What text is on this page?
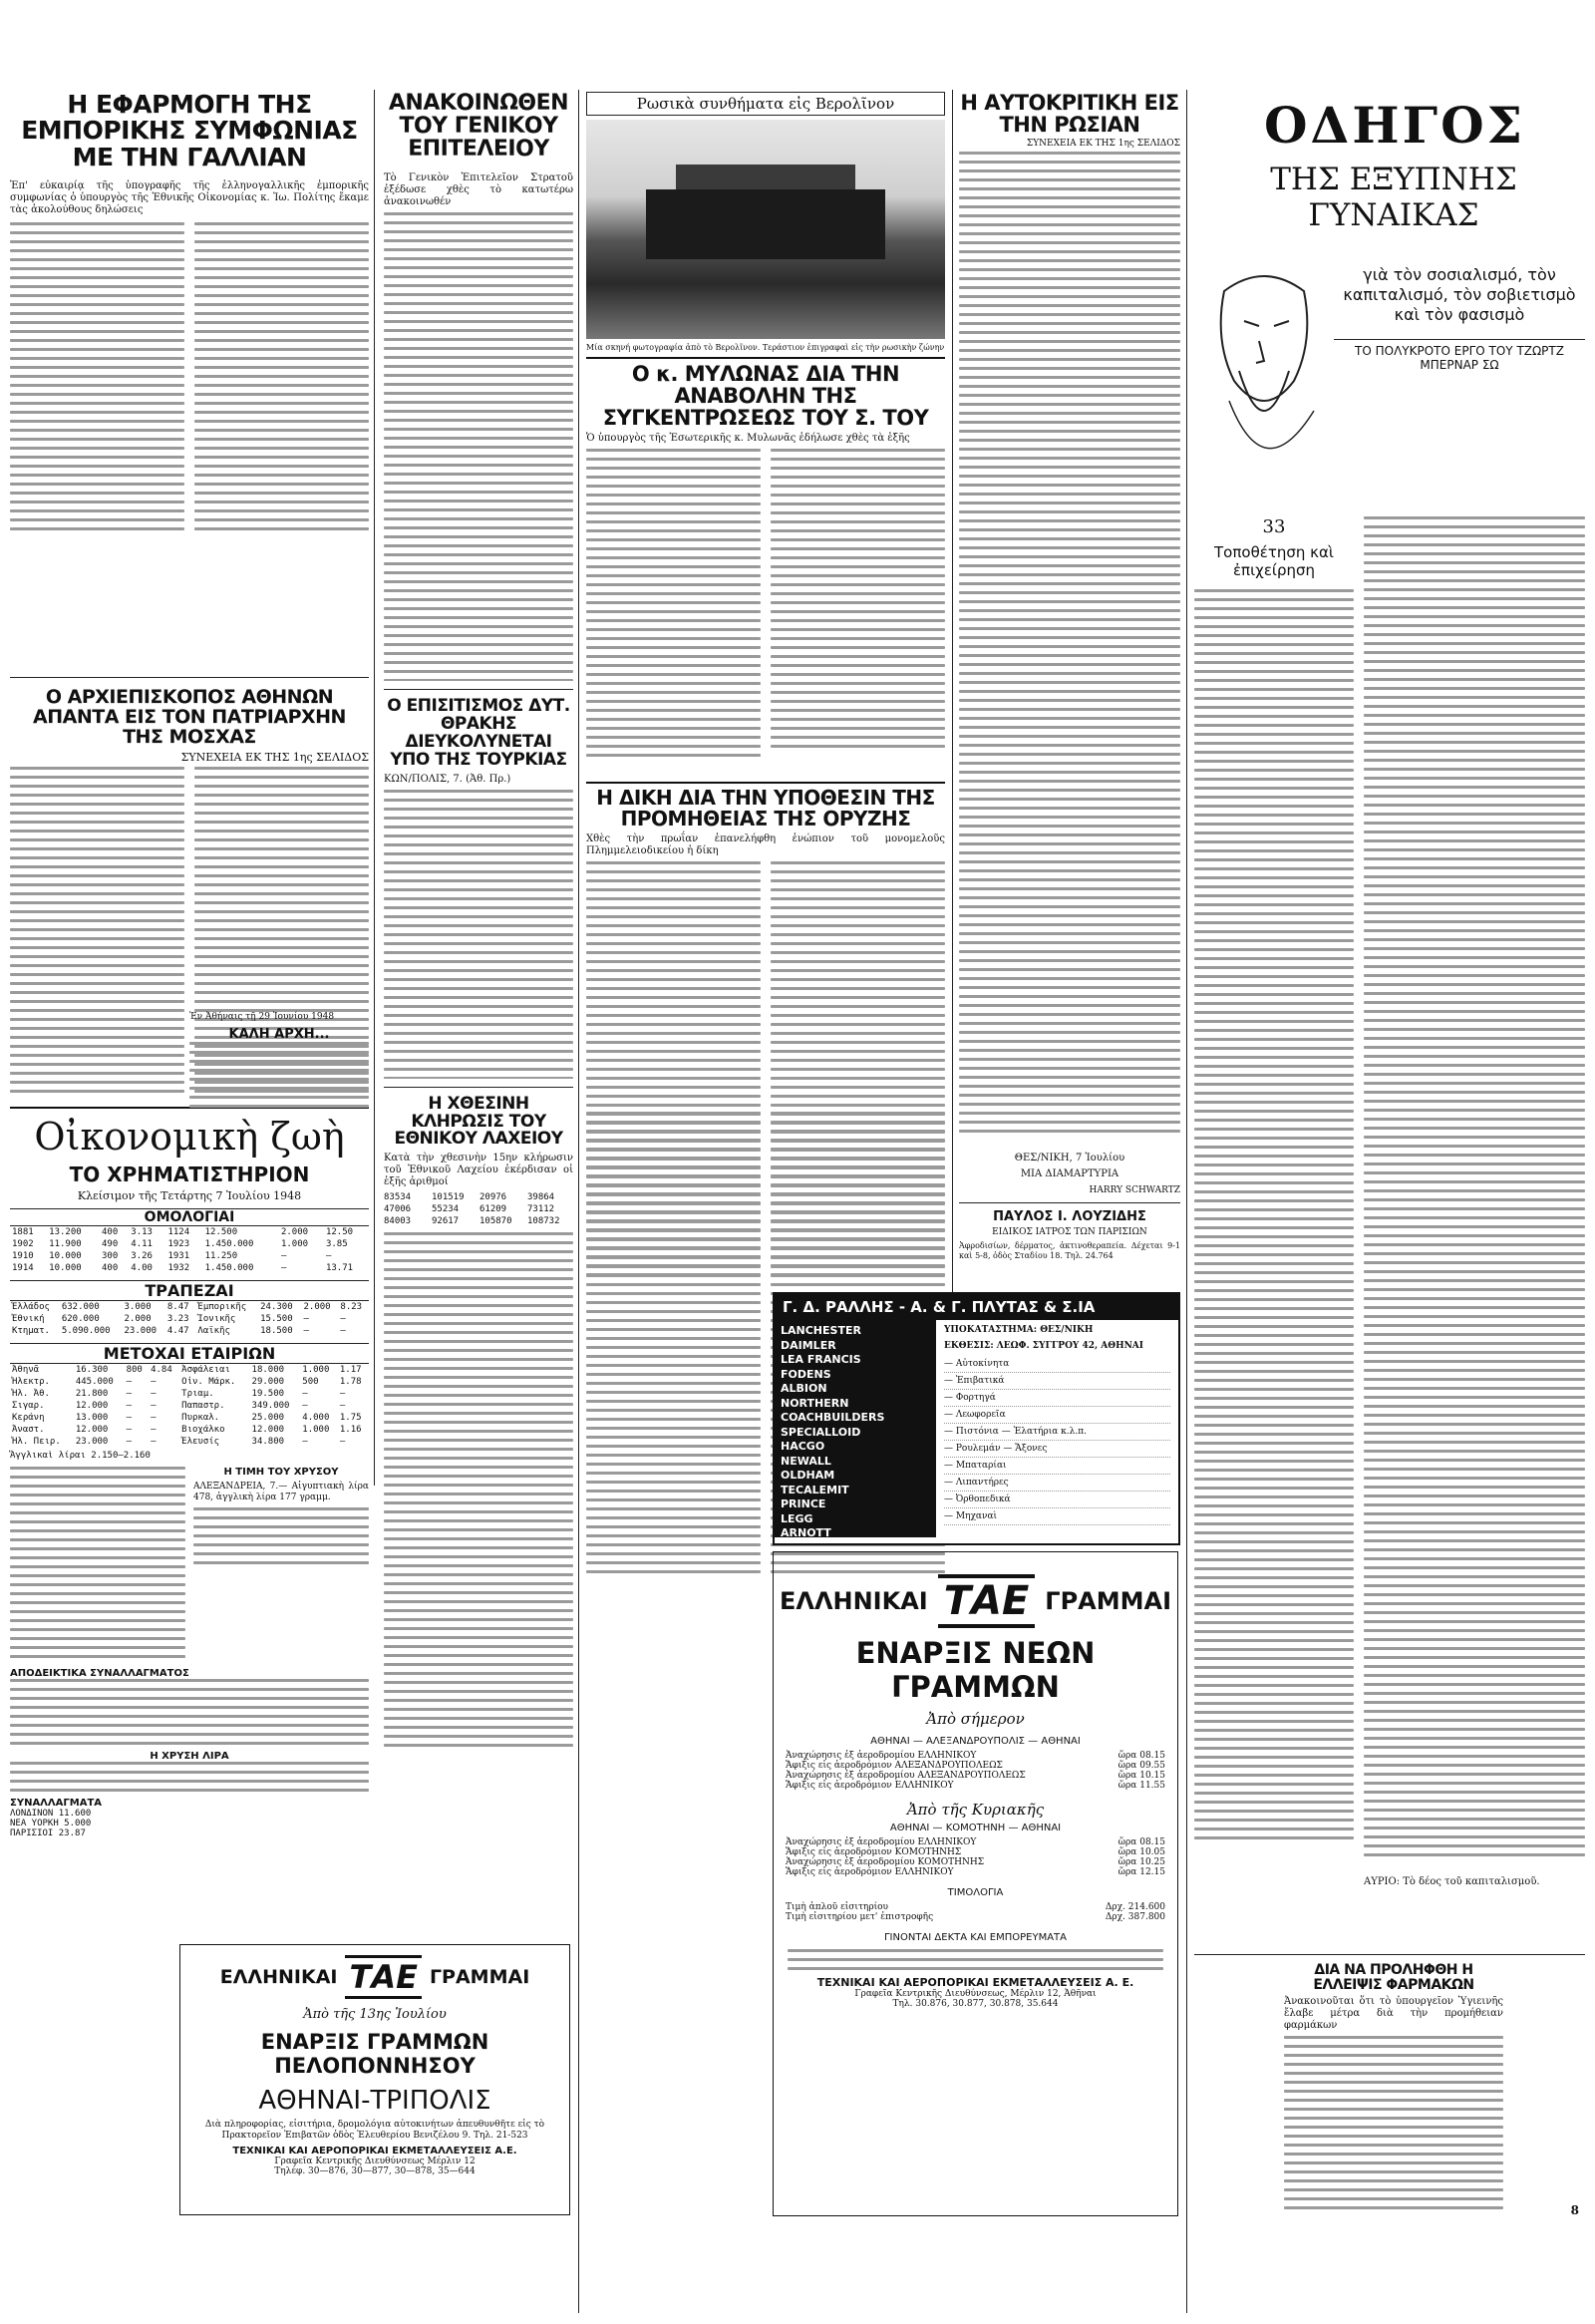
Η ΕΦΑΡΜΟΓΗ ΤΗΣ ΕΜΠΟΡΙΚΗΣ ΣΥΜΦΩΝΙΑΣ ΜΕ ΤΗΝ ΓΑΛΛΙΑΝ

Ἐπ' εὐκαιρίᾳ τῆς ὑπογραφῆς τῆς ἑλληνογαλλικῆς ἐμπορικῆς συμφωνίας ὁ ὑπουργὸς τῆς Ἐθνικῆς Οἰκονομίας κ. Ἰω. Πολίτης ἔκαμε τὰς ἀκολούθους δηλώσεις

Ο ΑΡΧΙΕΠΙΣΚΟΠΟΣ ΑΘΗΝΩΝ ΑΠΑΝΤΑ ΕΙΣ ΤΟΝ ΠΑΤΡΙΑΡΧΗΝ ΤΗΣ ΜΟΣΧΑΣ

ΣΥΝΕΧΕΙΑ ΕΚ ΤΗΣ 1ης ΣΕΛΙΔΟΣ

Οἰκονομικὴ ζωὴ
ΤΟ ΧΡΗΜΑΤΙΣΤΗΡΙΟΝ
Κλείσιμον τῆς Τετάρτης 7 Ἰουλίου 1948
ΟΜΟΛΟΓΙΑΙ
1881	13.200	400	3.13	1124	12.500	2.000	12.50
1902	11.900	490	4.11	1923	1.450.000	1.000	3.85
1910	10.000	300	3.26	1931	11.250	—	—
1914	10.000	400	4.00	1932	1.450.000	—	13.71
ΤΡΑΠΕΖΑΙ
Ἑλλάδος	632.000	3.000	8.47	Ἐμπορικῆς	24.300	2.000	8.23
Ἐθνική	620.000	2.000	3.23	Ἰονικῆς	15.500	—	—
Κτηματ.	5.090.000	23.000	4.47	Λαϊκῆς	18.500	—	—
ΜΕΤΟΧΑΙ ΕΤΑΙΡΙΩΝ
Ἀθηνᾶ	16.300	800	4.84	Ἀσφάλειαι	18.000	1.000	1.17
Ἠλεκτρ.	445.000	—	—	Οἰν. Μάρκ.	29.000	500	1.78
Ἠλ. Ἀθ.	21.800	—	—	Τριαμ.	19.500	—	—
Σιγαρ.	12.000	—	—	Παπαστρ.	349.000	—	—
Κεράνη	13.000	—	—	Πυρκαλ.	25.000	4.000	1.75
Ἀναστ.	12.000	—	—	Βιοχάλκο	12.000	1.000	1.16
Ἠλ. Πειρ.	23.000	—	—	Ἐλευσίς	34.800	—	—
Ἄγγλικαὶ λίραι 2.150—2.160
Η ΤΙΜΗ ΤΟΥ ΧΡΥΣΟΥ

ΑΛΕΞΑΝΔΡΕΙΑ, 7.— Αἰγυπτιακὴ λίρα 478, ἀγγλικὴ λίρα 177 γραμμ.

ΑΠΟΔΕΙΚΤΙΚΑ ΣΥΝΑΛΛΑΓΜΑΤΟΣ
Η ΧΡΥΣΗ ΛΙΡΑ
ΣΥΝΑΛΛΑΓΜΑΤΑ
ΛΟΝΔΙΝΟΝ 11.600
ΝΕΑ ΥΟΡΚΗ 5.000
ΠΑΡΙΣΙΟΙ 23.87
ΑΝΑΚΟΙΝΩΘΕΝ ΤΟΥ ΓΕΝΙΚΟΥ ΕΠΙΤΕΛΕΙΟΥ

Τὸ Γενικὸν Ἐπιτελεῖον Στρατοῦ ἐξέδωσε χθὲς τὸ κατωτέρω ἀνακοινωθέν

Ο ΕΠΙΣΙΤΙΣΜΟΣ ΔΥΤ. ΘΡΑΚΗΣ ΔΙΕΥΚΟΛΥΝΕΤΑΙ ΥΠΟ ΤΗΣ ΤΟΥΡΚΙΑΣ

ΚΩΝ/ΠΟΛΙΣ, 7. (Ἀθ. Πρ.)

Η ΧΘΕΣΙΝΗ ΚΛΗΡΩΣΙΣ ΤΟΥ ΕΘΝΙΚΟΥ ΛΑΧΕΙΟΥ

Κατὰ τὴν χθεσινὴν 15ην κλήρωσιν τοῦ Ἐθνικοῦ Λαχείου ἐκέρδισαν οἱ ἑξῆς ἀριθμοί

83534	101519	20976	39864
47006	55234	61209	73112
84003	92617	105870	108732

Ἐν Ἀθήναις τῇ 29 Ἰουνίου 1948

ΚΑΛΗ ΑΡΧΗ...
Ρωσικὰ συνθήματα εἰς Βερολῖνον

Μία σκηνή φωτογραφία ἀπὸ τὸ Βερολῖνον. Τεράστιον ἐπιγραφαὶ εἰς τὴν ρωσικὴν ζώνην

Ο κ. ΜΥΛΩΝΑΣ ΔΙΑ ΤΗΝ ΑΝΑΒΟΛΗΝ ΤΗΣ ΣΥΓΚΕΝΤΡΩΣΕΩΣ ΤΟΥ Σ. ΤΟΥ

Ὁ ὑπουργὸς τῆς Ἐσωτερικῆς κ. Μυλωνᾶς ἐδήλωσε χθὲς τὰ ἑξῆς

Η ΔΙΚΗ ΔΙΑ ΤΗΝ ΥΠΟΘΕΣΙΝ ΤΗΣ ΠΡΟΜΗΘΕΙΑΣ ΤΗΣ ΟΡΥΖΗΣ

Χθὲς τὴν πρωΐαν ἐπανελήφθη ἐνώπιον τοῦ μονομελοῦς Πλημμελειοδικείου ἡ δίκη

Η ΑΥΤΟΚΡΙΤΙΚΗ ΕΙΣ ΤΗΝ ΡΩΣΙΑΝ

ΣΥΝΕΧΕΙΑ ΕΚ ΤΗΣ 1ης ΣΕΛΙΔΟΣ

ΘΕΣ/ΝΙΚΗ, 7 Ἰουλίου

ΜΙΑ ΔΙΑΜΑΡΤΥΡΙΑ

HARRY SCHWARTZ

ΠΑΥΛΟΣ Ι. ΛΟΥΖΙΔΗΣ
ΕΙΔΙΚΟΣ ΙΑΤΡΟΣ ΤΩΝ ΠΑΡΙΣΙΩΝ

Ἀφροδισίων, δέρματος, ἀκτινοθεραπεία. Δέχεται 9-1 καὶ 5-8, ὁδὸς Σταδίου 18. Τηλ. 24.764

Γ. Δ. ΡΑΛΛΗΣ - Α. & Γ. ΠΛΥΤΑΣ & Σ.ΙΑ
LANCHESTER
DAIMLER
LEA FRANCIS
FODENS
ALBION
NORTHERN COACHBUILDERS
SPECIALLOID
HACGO
NEWALL
OLDHAM
TECALEMIT
PRINCE
LEGG
ARNOTT
ΥΠΟΚΑΤΑΣΤΗΜΑ: ΘΕΣ/ΝΙΚΗ
ΕΚΘΕΣΙΣ: ΛΕΩΦ. ΣΥΓΓΡΟΥ 42, ΑΘΗΝΑΙ
— Αὐτοκίνητα
— Ἐπιβατικά
— Φορτηγά
— Λεωφορεῖα
— Πιστόνια — Ἐλατήρια κ.λ.π.
— Ρουλεμάν — Ἄξονες
— Μπαταρίαι
— Λιπαντήρες
— Ὀρθοπεδικά
— Μηχαναὶ
ΕΛΛΗΝΙΚΑΙ ΤΑΕ ΓΡΑΜΜΑΙ
ΕΝΑΡΞΙΣ ΝΕΩΝ ΓΡΑΜΜΩΝ
Ἀπὸ σήμερον
ΑΘΗΝΑΙ — ΑΛΕΞΑΝΔΡΟΥΠΟΛΙΣ — ΑΘΗΝΑΙ
Ἀναχώρησις ἐξ ἀεροδρομίου ΕΛΛΗΝΙΚΟΥ	ὥρα 08.15
Ἄφιξις εἰς ἀεροδρόμιον ΑΛΕΞΑΝΔΡΟΥΠΟΛΕΩΣ	ὥρα 09.55
Ἀναχώρησις ἐξ ἀεροδρομίου ΑΛΕΞΑΝΔΡΟΥΠΟΛΕΩΣ	ὥρα 10.15
Ἄφιξις εἰς ἀεροδρόμιον ΕΛΛΗΝΙΚΟΥ	ὥρα 11.55
Ἀπὸ τῆς Κυριακῆς
ΑΘΗΝΑΙ — ΚΟΜΟΤΗΝΗ — ΑΘΗΝΑΙ
Ἀναχώρησις ἐξ ἀεροδρομίου ΕΛΛΗΝΙΚΟΥ	ὥρα 08.15
Ἄφιξις εἰς ἀεροδρόμιον ΚΟΜΟΤΗΝΗΣ	ὥρα 10.05
Ἀναχώρησις ἐξ ἀεροδρομίου ΚΟΜΟΤΗΝΗΣ	ὥρα 10.25
Ἄφιξις εἰς ἀεροδρόμιον ΕΛΛΗΝΙΚΟΥ	ὥρα 12.15
ΤΙΜΟΛΟΓΙΑ
Τιμὴ ἁπλοῦ εἰσιτηρίου	Δρχ. 214.600
Τιμὴ εἰσιτηρίου μετ' ἐπιστροφῆς	Δρχ. 387.800
ΓΙΝΟΝΤΑΙ ΔΕΚΤΑ ΚΑΙ ΕΜΠΟΡΕΥΜΑΤΑ
ΤΕΧΝΙΚΑΙ ΚΑΙ ΑΕΡΟΠΟΡΙΚΑΙ ΕΚΜΕΤΑΛΛΕΥΣΕΙΣ Α. Ε.
Γραφεῖα Κεντρικῆς Διευθύνσεως, Μέρλιν 12, Ἀθῆναι
Τηλ. 30.876, 30.877, 30.878, 35.644
ΕΛΛΗΝΙΚΑΙ ΤΑΕ ΓΡΑΜΜΑΙ
Ἀπὸ τῆς 13ης Ἰουλίου
ΕΝΑΡΞΙΣ ΓΡΑΜΜΩΝ ΠΕΛΟΠΟΝΝΗΣΟΥ
ΑΘΗΝΑΙ-ΤΡΙΠΟΛΙΣ

Διὰ πληροφορίας, εἰσιτήρια, δρομολόγια αὐτοκινήτων ἀπευθυνθῆτε εἰς τὸ Πρακτορεῖον Ἐπιβατῶν ὁδὸς Ἐλευθερίου Βενιζέλου 9. Τηλ. 21-523

ΤΕΧΝΙΚΑΙ ΚΑΙ ΑΕΡΟΠΟΡΙΚΑΙ ΕΚΜΕΤΑΛΛΕΥΣΕΙΣ Α.Ε.
Γραφεῖα Κεντρικῆς Διευθύνσεως Μέρλιν 12
Τηλέφ. 30—876, 30—877, 30—878, 35—644
ΟΔΗΓΟΣ
ΤΗΣ ΕΞΥΠΝΗΣ ΓΥΝΑΙΚΑΣ

γιὰ τὸν σοσιαλισμό, τὸν καπιταλισμό, τὸν σοβιετισμὸ καὶ τὸν φασισμὸ

ΤΟ ΠΟΛΥΚΡΟΤΟ ΕΡΓΟ ΤΟΥ ΤΖΩΡΤΖ ΜΠΕΡΝΑΡ ΣΩ

33
Τοποθέτηση καὶ ἐπιχείρηση

ΑΥΡΙΟ: Τὸ δέος τοῦ καπιταλισμοῦ.

ΔΙΑ ΝΑ ΠΡΟΛΗΦΘΗ Η ΕΛΛΕΙΨΙΣ ΦΑΡΜΑΚΩΝ

Ἀνακοινοῦται ὅτι τὸ ὑπουργεῖον Ὑγιεινῆς ἔλαβε μέτρα διὰ τὴν προμήθειαν φαρμάκων

8
